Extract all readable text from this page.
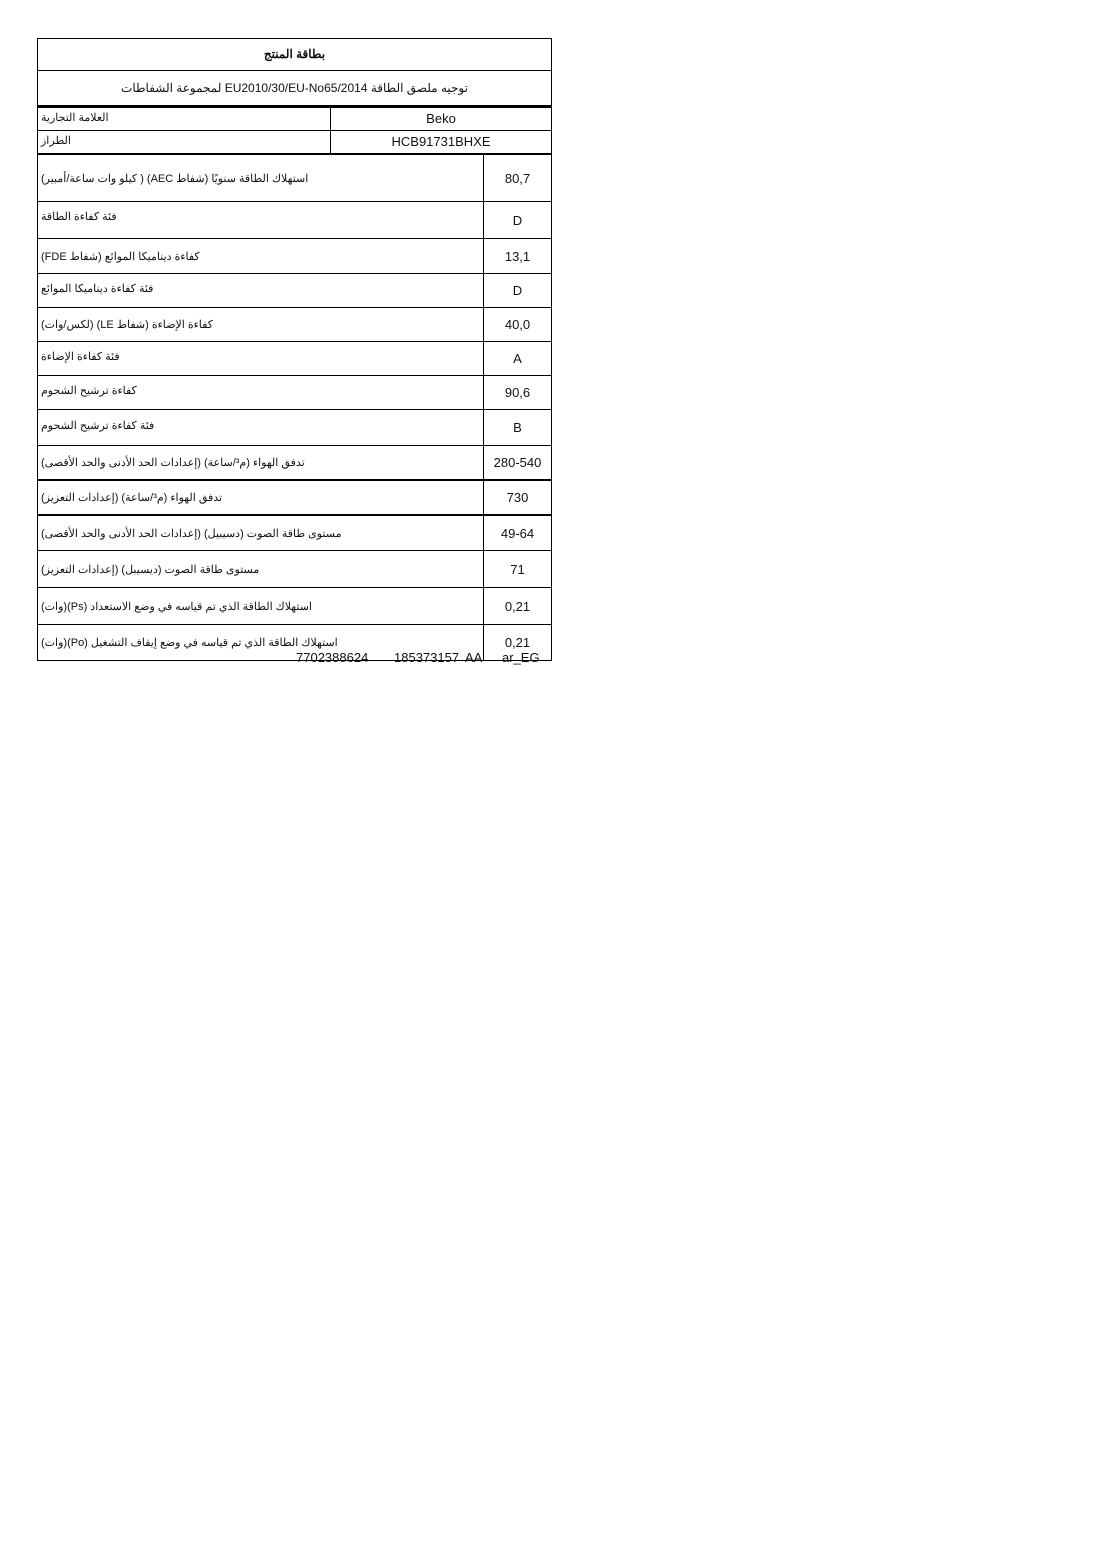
بطاقة المنتج
لمجموعة الشفاطات EU2010/30/EU-No65/2014 توجيه ملصق الطاقة
العلامة التجارية	Beko
الطراز	HCB91731BHXE
(كيلو وات ساعة/أمبير ) (AEC شفاط) استهلاك الطاقة سنويًا	80,7
فئة كفاءة الطاقة	D
(FDE شفاط) كفاءة ديناميكا الموائع	13,1
فئة كفاءة ديناميكا الموائع	D
(لكس/وات) (LE شفاط) كفاءة الإضاءة	40,0
فئة كفاءة الإضاءة	A
كفاءة ترشيح الشحوم	90,6
فئة كفاءة ترشيح الشحوم	B
تدفق الهواء (م³/ساعة) (إعدادات الحد الأدنى والحد الأقصى)	280-540
تدفق الهواء (م³/ساعة) (إعدادات التعزيز)	730
مستوى طاقة الصوت (دسيبيل) (إعدادات الحد الأدنى والحد الأقصى)	49-64
مستوى طاقة الصوت (ديسيبل) (إعدادات التعزيز)	71
(وات)(Ps) استهلاك الطاقة الذي تم قياسه في وضع الاستعداد	0,21
(وات)(Po) استهلاك الطاقة الذي تم قياسه في وضع إيقاف التشغيل	0,21
7702388624 185373157 AA ar_EG
